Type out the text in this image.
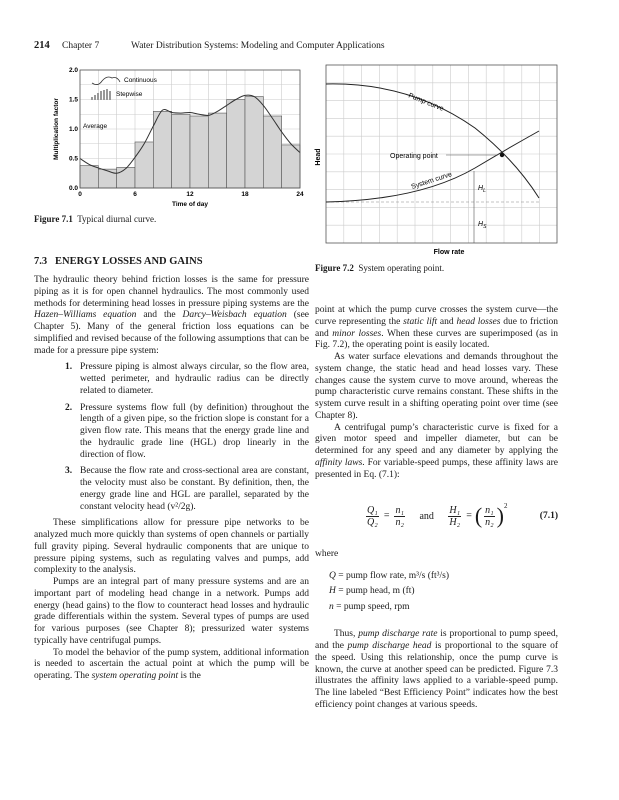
214 Chapter 7	Water Distribution Systems: Modeling and Computer Applications
0	6	12	18	24
0.0
0.5
1.0
1.5
2.0
Continuous
Stepwise
Average
Multiplication factor
Time of day
Figure 7.1 Typical diurnal curve.
Pump curve
System curve
Operating point
$H_L$
$H_S$
Head
Flow rate
Figure 7.2 System operating point.
7.3 ENERGY LOSSES AND GAINS

The hydraulic theory behind friction losses is the same for pressure piping as it is for open channel hydraulics. The most commonly used methods for determining head losses in pressure piping systems are the Hazen–Williams equation and the Darcy–Weisbach equation (see Chapter 5). Many of the general friction loss equations can be simplified and revised because of the following assumptions that can be made for a pressure pipe system:

1. Pressure piping is almost always circular, so the flow area, wetted perimeter, and hydraulic radius can be directly related to diameter.
2. Pressure systems flow full (by definition) throughout the length of a given pipe, so the friction slope is constant for a given flow rate. This means that the energy grade line and the hydraulic grade line (HGL) drop linearly in the direction of flow.
3. Because the flow rate and cross-sectional area are constant, the velocity must also be constant. By definition, then, the energy grade line and HGL are parallel, separated by the constant velocity head (v²/2g).

These simplifications allow for pressure pipe networks to be analyzed much more quickly than systems of open channels or partially full gravity piping. Several hydraulic components that are unique to pressure piping systems, such as regulating valves and pumps, add complexity to the analysis.

Pumps are an integral part of many pressure systems and are an important part of modeling head change in a network. Pumps add energy (head gains) to the flow to counteract head losses and hydraulic grade differentials within the system. Several types of pumps are used for various purposes (see Chapter 8); pressurized water systems typically have centrifugal pumps.

To model the behavior of the pump system, additional information is needed to ascertain the actual point at which the pump will be operating. The system operating point is the

point at which the pump curve crosses the system curve—the curve representing the static lift and head losses due to friction and minor losses. When these curves are superimposed (as in Fig. 7.2), the operating point is easily located.

As water surface elevations and demands throughout the system change, the static head and head losses vary. These changes cause the system curve to move around, whereas the pump characteristic curve remains constant. These shifts in the system curve result in a shifting operating point over time (see Chapter 8).

A centrifugal pump’s characteristic curve is fixed for a given motor speed and impeller diameter, but can be determined for any speed and any diameter by applying the affinity laws. For variable-speed pumps, these affinity laws are presented in Eq. (7.1):

$\frac{\text{Q₁}}{\text{Q₂}} = \frac{\text{n₁}}{\text{n₂}}$ and $\frac{\text{H₁}}{\text{H₂}}$ = ( $\frac{\text{n₁}}{\text{n₂}} )^2$
(7.1)

where

Q = pump flow rate, m³/s (ft³/s)

H = pump head, m (ft)

n = pump speed, rpm

Thus, pump discharge rate is proportional to pump speed, and the pump discharge head is proportional to the square of the speed. Using this relationship, once the pump curve is known, the curve at another speed can be predicted. Figure 7.3 illustrates the affinity laws applied to a variable-speed pump. The line labeled “Best Efficiency Point” indicates how the best efficiency point changes at various speeds.
